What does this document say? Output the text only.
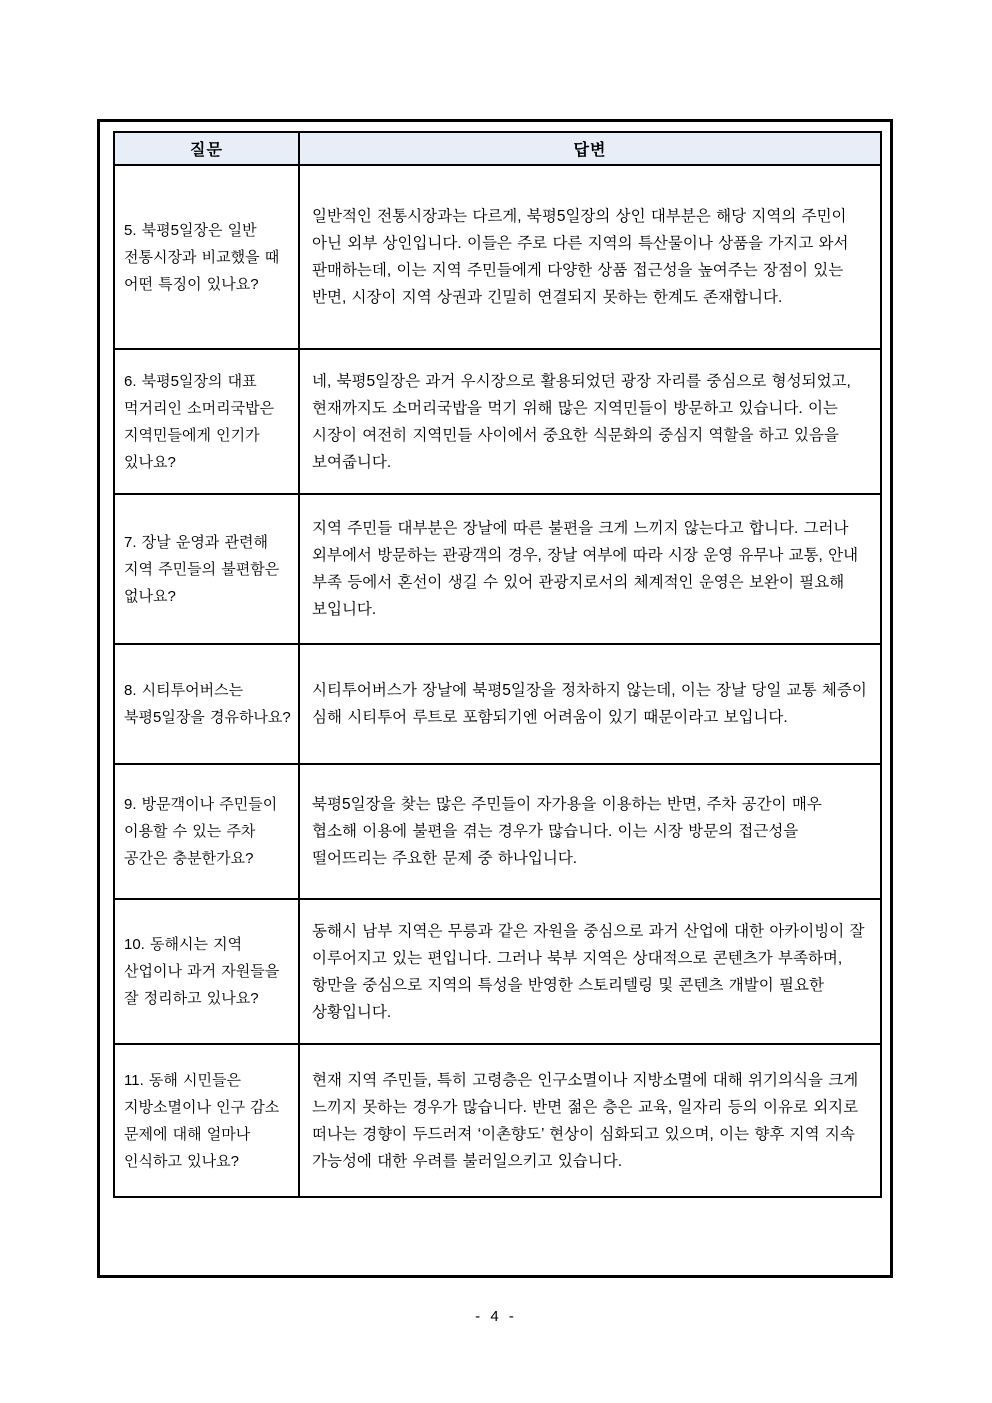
질문	답변
5. 북평5일장은 일반 전통시장과 비교했을 때 어떤 특징이 있나요?	일반적인 전통시장과는 다르게, 북평5일장의 상인 대부분은 해당 지역의 주민이 아닌 외부 상인입니다. 이들은 주로 다른 지역의 특산물이나 상품을 가지고 와서 판매하는데, 이는 지역 주민들에게 다양한 상품 접근성을 높여주는 장점이 있는 반면, 시장이 지역 상권과 긴밀히 연결되지 못하는 한계도 존재합니다.
6. 북평5일장의 대표 먹거리인 소머리국밥은 지역민들에게 인기가 있나요?	네, 북평5일장은 과거 우시장으로 활용되었던 광장 자리를 중심으로 형성되었고, 현재까지도 소머리국밥을 먹기 위해 많은 지역민들이 방문하고 있습니다. 이는 시장이 여전히 지역민들 사이에서 중요한 식문화의 중심지 역할을 하고 있음을 보여줍니다.
7. 장날 운영과 관련해 지역 주민들의 불편함은 없나요?	지역 주민들 대부분은 장날에 따른 불편을 크게 느끼지 않는다고 합니다. 그러나 외부에서 방문하는 관광객의 경우, 장날 여부에 따라 시장 운영 유무나 교통, 안내 부족 등에서 혼선이 생길 수 있어 관광지로서의 체계적인 운영은 보완이 필요해 보입니다.
8. 시티투어버스는 북평5일장을 경유하나요?	시티투어버스가 장날에 북평5일장을 정차하지 않는데, 이는 장날 당일 교통 체증이 심해 시티투어 루트로 포함되기엔 어려움이 있기 때문이라고 보입니다.
9. 방문객이나 주민들이 이용할 수 있는 주차 공간은 충분한가요?	북평5일장을 찾는 많은 주민들이 자가용을 이용하는 반면, 주차 공간이 매우 협소해 이용에 불편을 겪는 경우가 많습니다. 이는 시장 방문의 접근성을 떨어뜨리는 주요한 문제 중 하나입니다.
10. 동해시는 지역 산업이나 과거 자원들을 잘 정리하고 있나요?	동해시 남부 지역은 무릉과 같은 자원을 중심으로 과거 산업에 대한 아카이빙이 잘 이루어지고 있는 편입니다. 그러나 북부 지역은 상대적으로 콘텐츠가 부족하며, 항만을 중심으로 지역의 특성을 반영한 스토리텔링 및 콘텐츠 개발이 필요한 상황입니다.
11. 동해 시민들은 지방소멸이나 인구 감소 문제에 대해 얼마나 인식하고 있나요?	현재 지역 주민들, 특히 고령층은 인구소멸이나 지방소멸에 대해 위기의식을 크게 느끼지 못하는 경우가 많습니다. 반면 젊은 층은 교육, 일자리 등의 이유로 외지로 떠나는 경향이 두드러져 ‘이촌향도’ 현상이 심화되고 있으며, 이는 향후 지역 지속 가능성에 대한 우려를 불러일으키고 있습니다.
- 4 -
